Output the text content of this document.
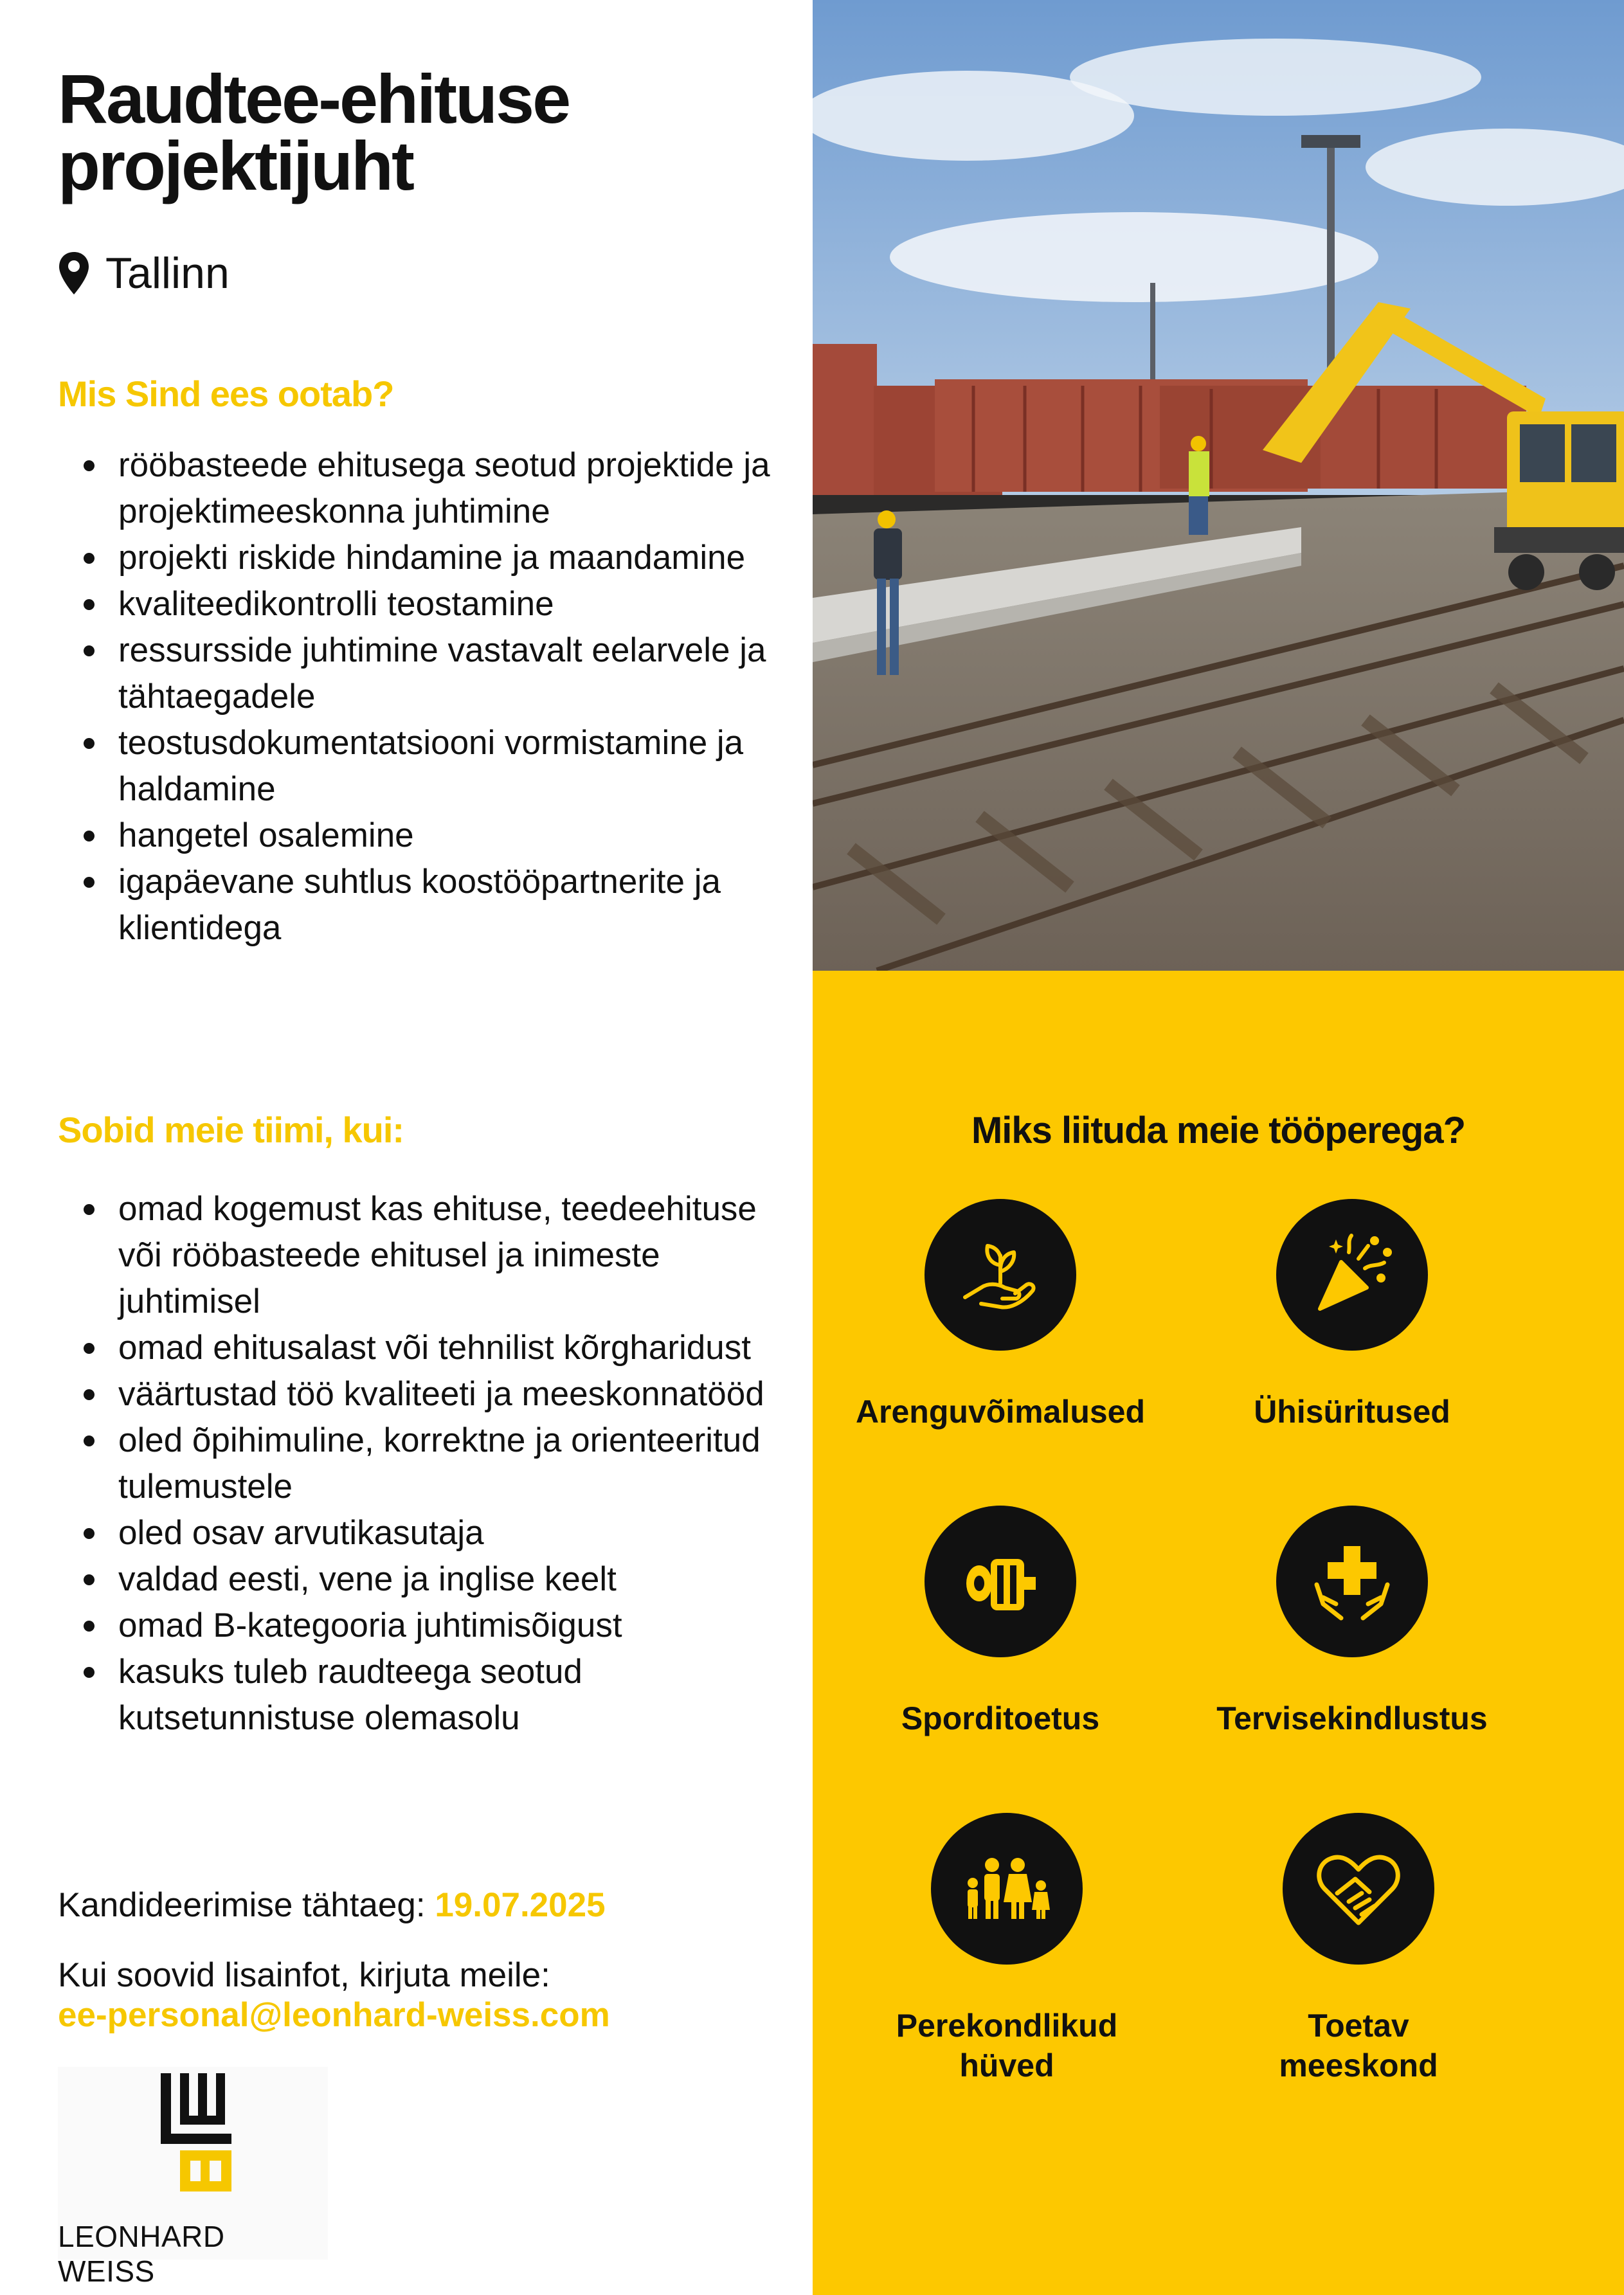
Raudtee-ehituse projektijuht
Tallinn
Mis Sind ees ootab?
rööbasteede ehitusega seotud projektide ja projektimeeskonna juhtimine
projekti riskide hindamine ja maandamine
kvaliteedikontrolli teostamine
ressursside juhtimine vastavalt eelarvele ja tähtaegadele
teostusdokumentatsiooni vormistamine ja haldamine
hangetel osalemine
igapäevane suhtlus koostööpartnerite ja klientidega
Sobid meie tiimi, kui:
omad kogemust kas ehituse, teedeehituse või rööbasteede ehitusel ja inimeste juhtimisel
omad ehitusalast või tehnilist kõrgharidust
väärtustad töö kvaliteeti ja meeskonnatööd
oled õpihimuline, korrektne ja orienteeritud tulemustele
oled osav arvutikasutaja
valdad eesti, vene ja inglise keelt
omad B-kategooria juhtimisõigust
kasuks tuleb raudteega seotud kutsetunnistuse olemasolu
Kandideerimise tähtaeg: 19.07.2025
Kui soovid lisainfot, kirjuta meile:
ee-personal@leonhard-weiss.com
LEONHARD WEISS
Miks liituda meie tööperega?
Arenguvõimalused	Ühisüritused
Sporditoetus	Tervisekindlustus
Perekondlikud hüved
Toetav meeskond
